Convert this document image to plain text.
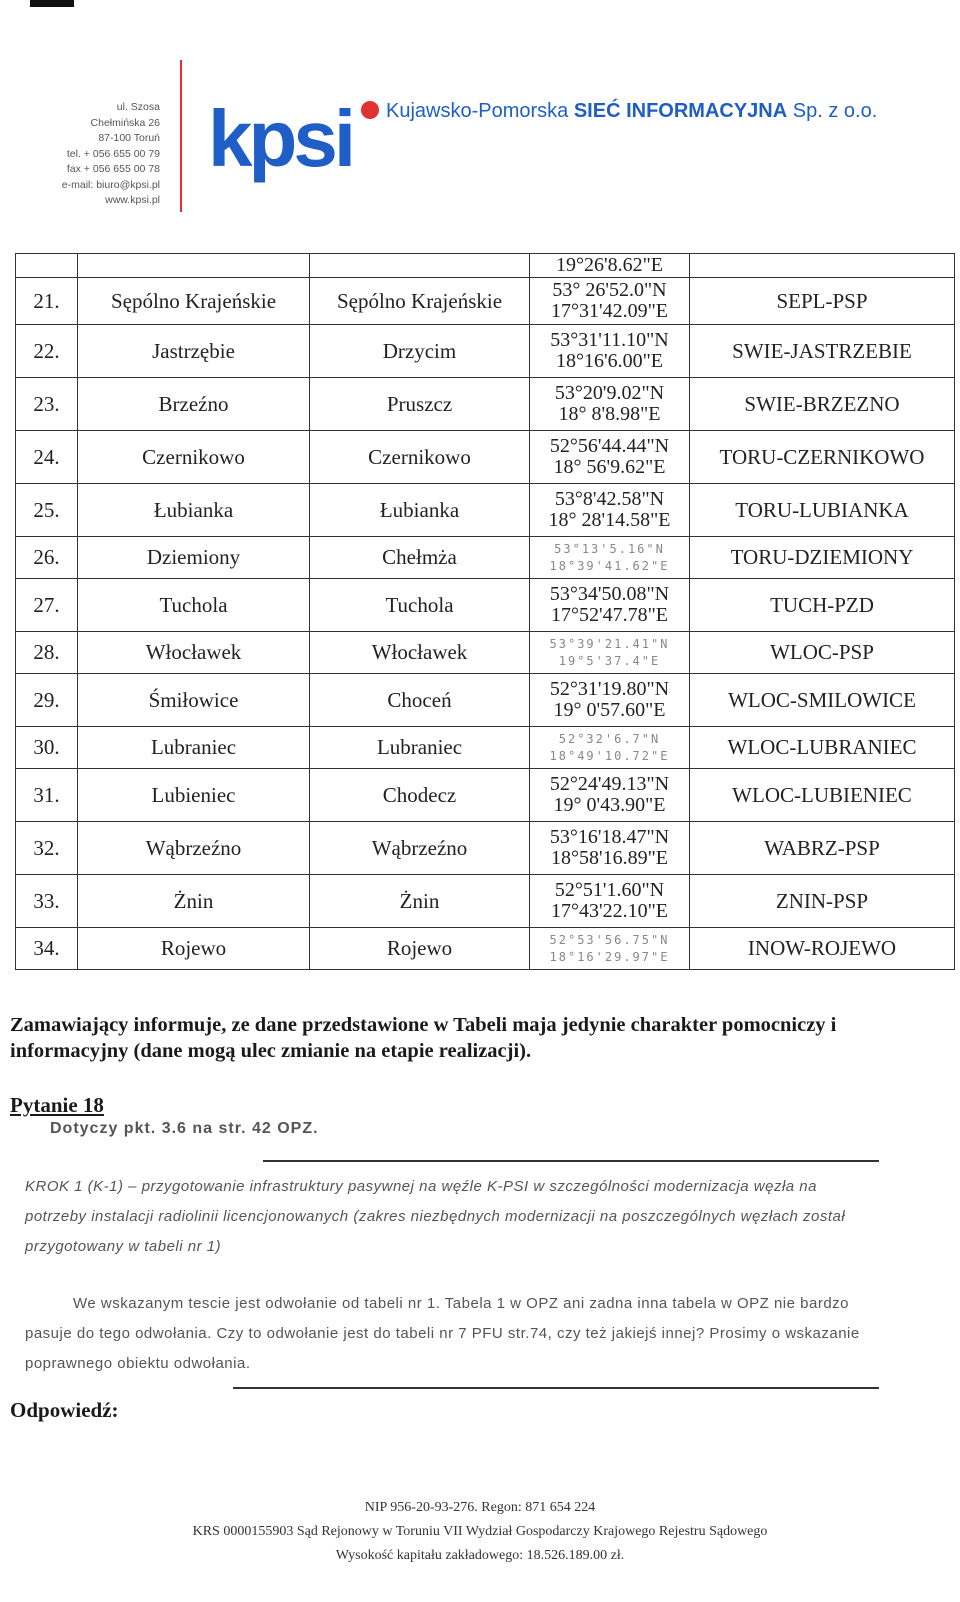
ul. Szosa Chełmińska 26
87-100 Toruń
tel. + 056 655 00 79
fax + 056 655 00 78
e-mail: biuro@kpsi.pl
www.kpsi.pl
kpsi Kujawsko-Pomorska SIEĆ INFORMACYJNA Sp. z o.o.
			19°26'8.62"E	
21.	Sępólno Krajeńskie	Sępólno Krajeńskie	53° 26'52.0"N
17°31'42.09"E	SEPL-PSP
22.	Jastrzębie	Drzycim	53°31'11.10"N
18°16'6.00"E	SWIE-JASTRZEBIE
23.	Brzeźno	Pruszcz	53°20'9.02"N
18° 8'8.98"E	SWIE-BRZEZNO
24.	Czernikowo	Czernikowo	52°56'44.44"N
18° 56'9.62"E	TORU-CZERNIKOWO
25.	Łubianka	Łubianka	53°8'42.58"N
18° 28'14.58"E	TORU-LUBIANKA
26.	Dziemiony	Chełmża	53°13'5.16"N
18°39'41.62"E	TORU-DZIEMIONY
27.	Tuchola	Tuchola	53°34'50.08"N
17°52'47.78"E	TUCH-PZD
28.	Włocławek	Włocławek	53°39'21.41"N
19°5'37.4"E	WLOC-PSP
29.	Śmiłowice	Choceń	52°31'19.80"N
19° 0'57.60"E	WLOC-SMILOWICE
30.	Lubraniec	Lubraniec	52°32'6.7"N
18°49'10.72"E	WLOC-LUBRANIEC
31.	Lubieniec	Chodecz	52°24'49.13"N
19° 0'43.90"E	WLOC-LUBIENIEC
32.	Wąbrzeźno	Wąbrzeźno	53°16'18.47"N
18°58'16.89"E	WABRZ-PSP
33.	Żnin	Żnin	52°51'1.60"N
17°43'22.10"E	ZNIN-PSP
34.	Rojewo	Rojewo	52°53'56.75"N
18°16'29.97"E	INOW-ROJEWO
Zamawiający informuje, ze dane przedstawione w Tabeli maja jedynie charakter pomocniczy i informacyjny (dane mogą ulec zmianie na etapie realizacji).
Pytanie 18
Dotyczy pkt. 3.6 na str. 42 OPZ.

KROK 1 (K-1) – przygotowanie infrastruktury pasywnej na węźle K-PSI w szczególności modernizacja węzła na potrzeby instalacji radiolinii licencjonowanych (zakres niezbędnych modernizacji na poszczególnych węzłach został przygotowany w tabeli nr 1)

We wskazanym tescie jest odwołanie od tabeli nr 1. Tabela 1 w OPZ ani zadna inna tabela w OPZ nie bardzo pasuje do tego odwołania. Czy to odwołanie jest do tabeli nr 7 PFU str.74, czy też jakiejś innej? Prosimy o wskazanie poprawnego obiektu odwołania.
Odpowiedź:
NIP 956-20-93-276. Regon: 871 654 224
KRS 0000155903 Sąd Rejonowy w Toruniu VII Wydział Gospodarczy Krajowego Rejestru Sądowego
Wysokość kapitału zakładowego: 18.526.189.00 zł.
